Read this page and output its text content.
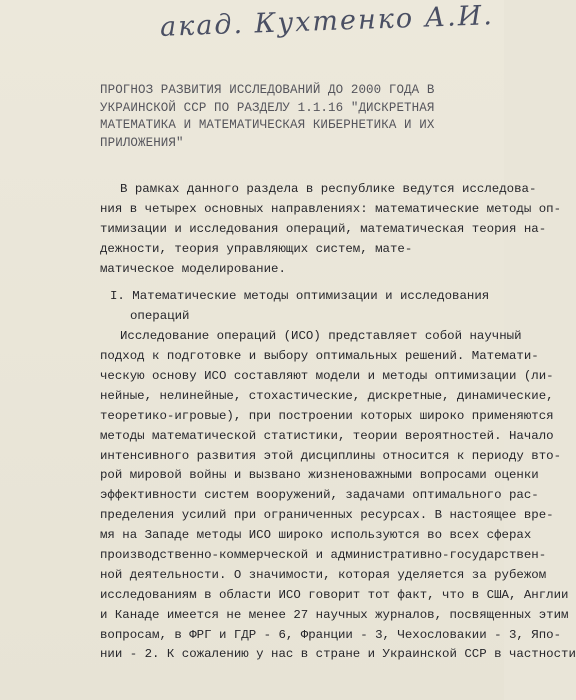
акад. Кухтенко А.И.
ПРОГНОЗ РАЗВИТИЯ ИССЛЕДОВАНИЙ ДО 2000 ГОДА В
УКРАИНСКОЙ ССР ПО РАЗДЕЛУ 1.1.16 "ДИСКРЕТНАЯ
МАТЕМАТИКА И МАТЕМАТИЧЕСКАЯ КИБЕРНЕТИКА И ИХ
ПРИЛОЖЕНИЯ"
В рамках данного раздела в республике ведутся исследова-
ния в четырех основных направлениях: математические методы оп-
тимизации и исследования операций, математическая теория на-
дежности, теория управляющих систем, мате-
матическое моделирование.
I. Математические методы оптимизации и исследования
операций
Исследование операций (ИСО) представляет собой научный
подход к подготовке и выбору оптимальных решений. Математи-
ческую основу ИСО составляют модели и методы оптимизации (ли-
нейные, нелинейные, стохастические, дискретные, динамические,
теоретико-игровые), при построении которых широко применяются
методы математической статистики, теории вероятностей. Начало
интенсивного развития этой дисциплины относится к периоду вто-
рой мировой войны и вызвано жизненоважными вопросами оценки
эффективности систем вооружений, задачами оптимального рас-
пределения усилий при ограниченных ресурсах. В настоящее вре-
мя на Западе методы ИСО широко используются во всех сферах
производственно-коммерческой и административно-государствен-
ной деятельности. О значимости, которая уделяется за рубежом
исследованиям в области ИСО говорит тот факт, что в США, Англии
и Канаде имеется не менее 27 научных журналов, посвященных этим
вопросам, в ФРГ и ГДР - 6, Франции - 3, Чехословакии - 3, Япо-
нии - 2. К сожалению у нас в стране и Украинской ССР в частности
